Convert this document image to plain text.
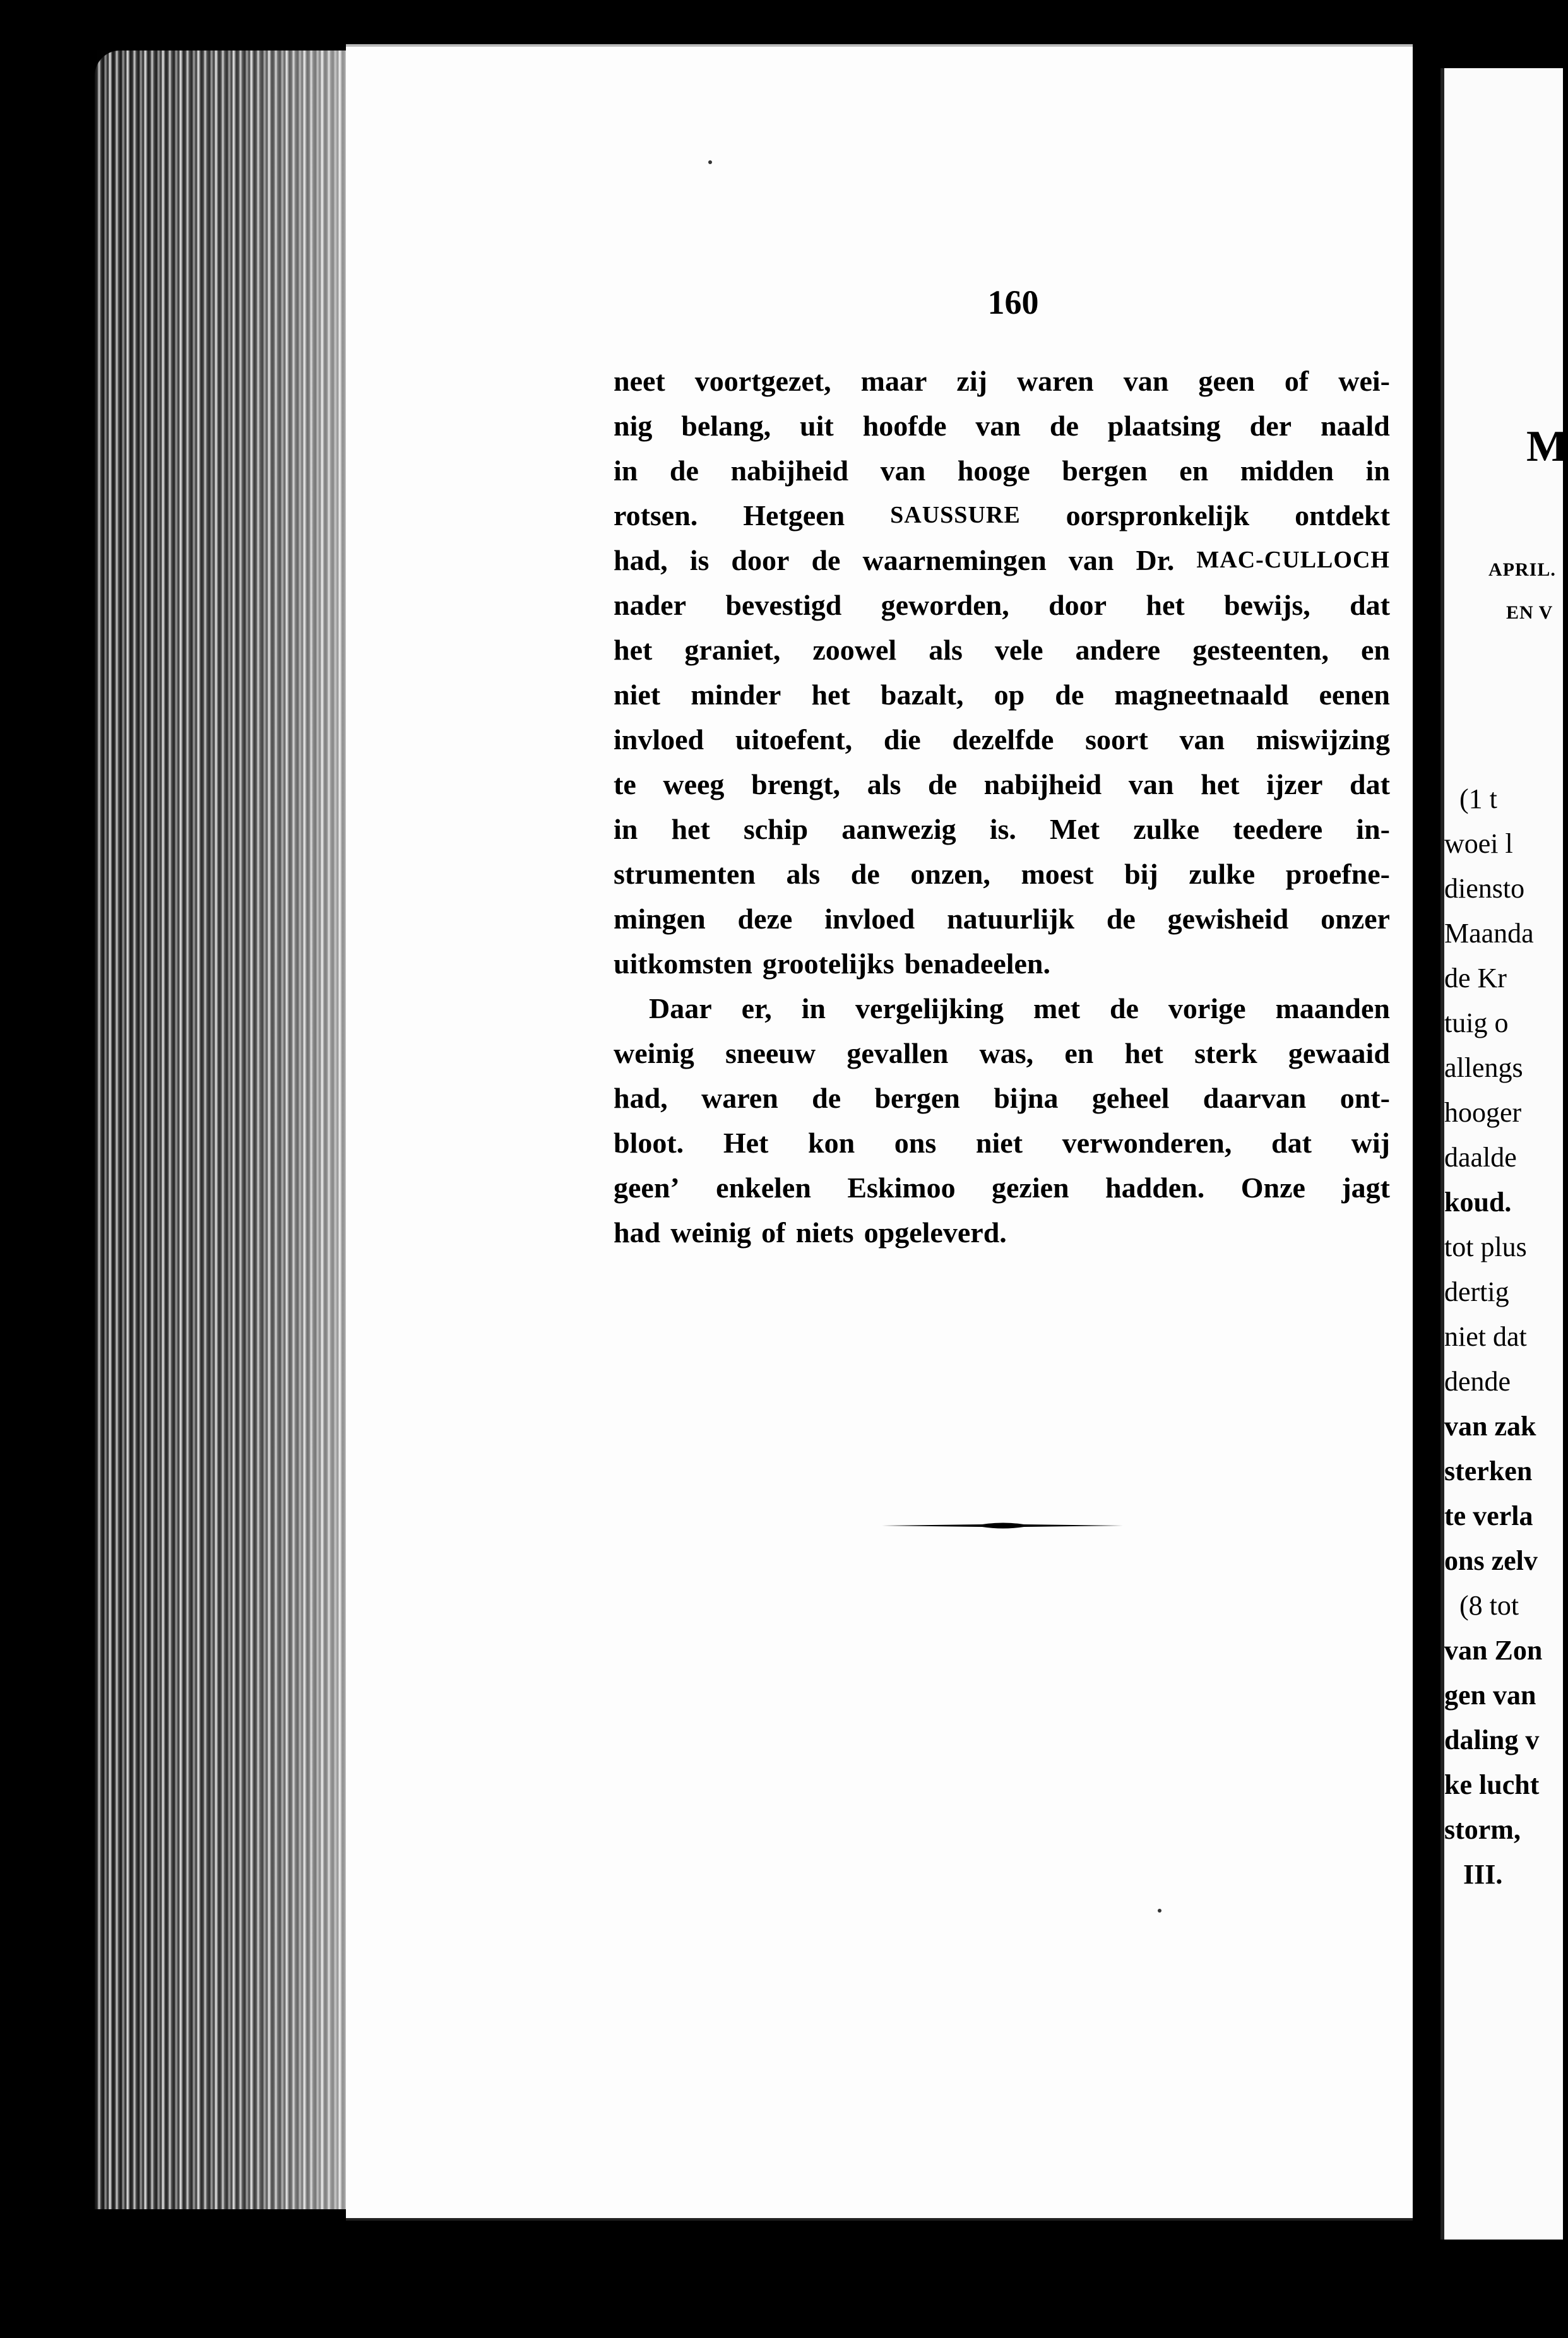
160
neet voortgezet, maar zij waren van geen of wei-
nig belang, uit hoofde van de plaatsing der naald
in de nabijheid van hooge bergen en midden in
rotsen. Hetgeen SAUSSURE oorspronkelijk ontdekt
had, is door de waarnemingen van Dr. MAC-CULLOCH
nader bevestigd geworden, door het bewijs, dat
het graniet, zoowel als vele andere gesteenten, en
niet minder het bazalt, op de magneetnaald eenen
invloed uitoefent, die dezelfde soort van miswijzing
te weeg brengt, als de nabijheid van het ijzer dat
in het schip aanwezig is. Met zulke teedere in-
strumenten als de onzen, moest bij zulke proefne-
mingen deze invloed natuurlijk de gewisheid onzer
uitkomsten grootelijks benadeelen.
Daar er, in vergelijking met de vorige maanden
weinig sneeuw gevallen was, en het sterk gewaaid
had, waren de bergen bijna geheel daarvan ont-
bloot. Het kon ons niet verwonderen, dat wij
geen’ enkelen Eskimoo gezien hadden. Onze jagt
had weinig of niets opgeleverd.
M
APRIL.
EN V
(1 t
woei l
diensto
Maanda
de Kr
tuig o
allengs
hooger
daalde
koud.
tot plus
dertig
niet dat
dende
van zak
sterken
te verla
ons zelv
(8 tot
van Zon
gen van
daling v
ke lucht
storm,
III.
